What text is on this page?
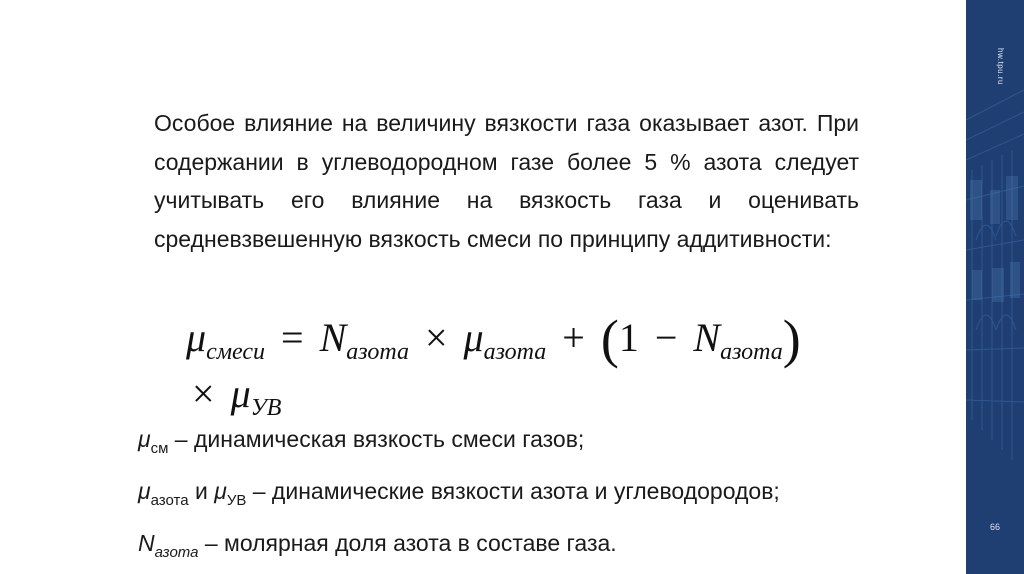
Особое влияние на величину вязкости газа оказывает азот. При содержании в углеводородном газе более 5 % азота следует учитывать его влияние на вязкость газа и оценивать средневзвешенную вязкость смеси по принципу аддитивности:
$\mu_{смеси} = N_{азота} \times \mu_{азота} + (1 - N_{азота}) \times \mu_{УВ}$
$\mu_{см}$ – динамическая вязкость смеси газов;
$\mu_{азота}$ и $\mu_{УВ}$ – динамические вязкости азота и углеводородов;
$N_{азота}$ – молярная доля азота в составе газа.
hw.tpu.ru
66
